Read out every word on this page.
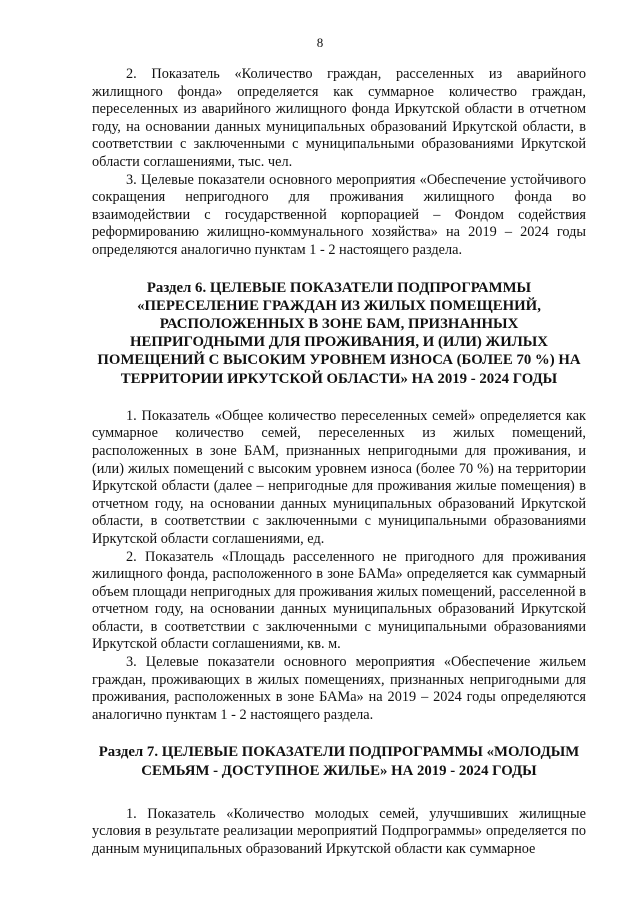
8

2. Показатель «Количество граждан, расселенных из аварийного жилищного фонда» определяется как суммарное количество граждан, переселенных из аварийного жилищного фонда Иркутской области в отчетном году, на основании данных муниципальных образований Иркутской области, в соответствии с заключенными с муниципальными образованиями Иркутской области соглашениями, тыс. чел.

3. Целевые показатели основного мероприятия «Обеспечение устойчивого сокращения непригодного для проживания жилищного фонда во взаимодействии с государственной корпорацией – Фондом содействия реформированию жилищно-коммунального хозяйства» на 2019 – 2024 годы определяются аналогично пунктам 1 - 2 настоящего раздела.

Раздел 6. ЦЕЛЕВЫЕ ПОКАЗАТЕЛИ ПОДПРОГРАММЫ «ПЕРЕСЕЛЕНИЕ ГРАЖДАН ИЗ ЖИЛЫХ ПОМЕЩЕНИЙ, РАСПОЛОЖЕННЫХ В ЗОНЕ БАМ, ПРИЗНАННЫХ НЕПРИГОДНЫМИ ДЛЯ ПРОЖИВАНИЯ, И (ИЛИ) ЖИЛЫХ ПОМЕЩЕНИЙ С ВЫСОКИМ УРОВНЕМ ИЗНОСА (БОЛЕЕ 70 %) НА ТЕРРИТОРИИ ИРКУТСКОЙ ОБЛАСТИ» НА 2019 - 2024 ГОДЫ

1. Показатель «Общее количество переселенных семей» определяется как суммарное количество семей, переселенных из жилых помещений, расположенных в зоне БАМ, признанных непригодными для проживания, и (или) жилых помещений с высоким уровнем износа (более 70 %) на территории Иркутской области (далее – непригодные для проживания жилые помещения) в отчетном году, на основании данных муниципальных образований Иркутской области, в соответствии с заключенными с муниципальными образованиями Иркутской области соглашениями, ед.

2. Показатель «Площадь расселенного не пригодного для проживания жилищного фонда, расположенного в зоне БАМа» определяется как суммарный объем площади непригодных для проживания жилых помещений, расселенной в отчетном году, на основании данных муниципальных образований Иркутской области, в соответствии с заключенными с муниципальными образованиями Иркутской области соглашениями, кв. м.

3. Целевые показатели основного мероприятия «Обеспечение жильем граждан, проживающих в жилых помещениях, признанных непригодными для проживания, расположенных в зоне БАМа» на 2019 – 2024 годы определяются аналогично пунктам 1 - 2 настоящего раздела.

Раздел 7. ЦЕЛЕВЫЕ ПОКАЗАТЕЛИ ПОДПРОГРАММЫ «МОЛОДЫМ СЕМЬЯМ - ДОСТУПНОЕ ЖИЛЬЕ» НА 2019 - 2024 ГОДЫ

1. Показатель «Количество молодых семей, улучшивших жилищные условия в результате реализации мероприятий Подпрограммы» определяется по данным муниципальных образований Иркутской области как суммарное
